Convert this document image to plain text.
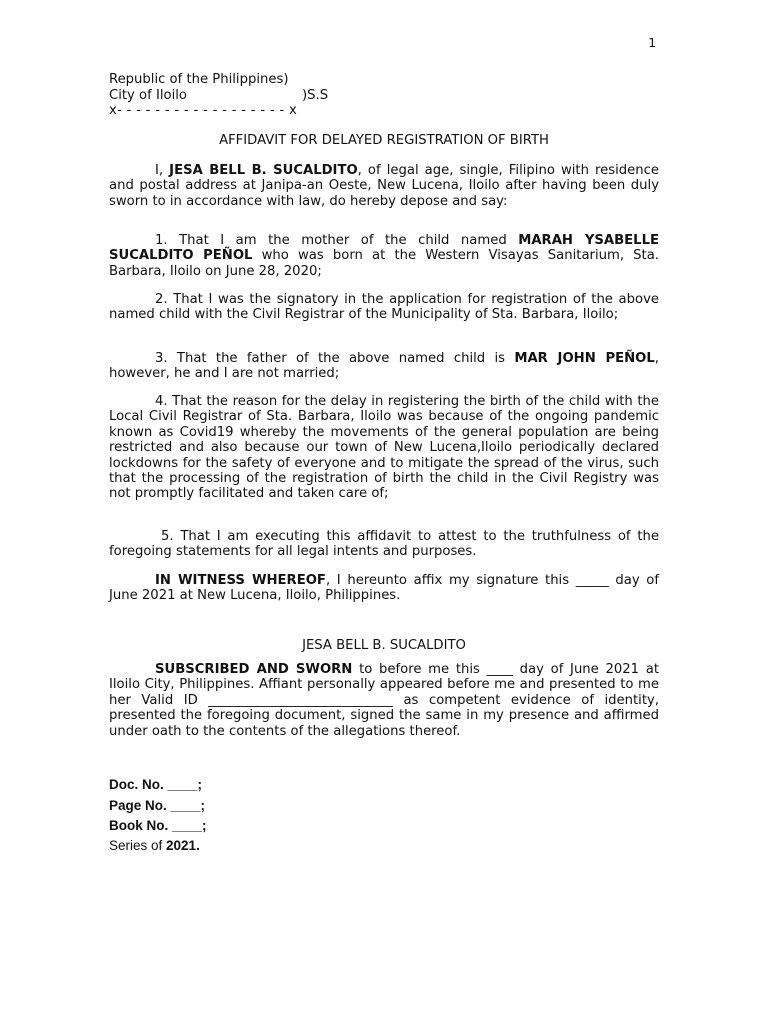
1
Republic of the Philippines)
City of Iloilo	)S.S
x- - - - - - - - - - - - - - - - - - x
AFFIDAVIT FOR DELAYED REGISTRATION OF BIRTH
I, JESA BELL B. SUCALDITO, of legal age, single, Filipino with residence and postal address at Janipa-an Oeste, New Lucena, Iloilo after having been duly sworn to in accordance with law, do hereby depose and say:
1. That I am the mother of the child named MARAH YSABELLE SUCALDITO PEÑOL who was born at the Western Visayas Sanitarium, Sta. Barbara, Iloilo on June 28, 2020;
2. That I was the signatory in the application for registration of the above named child with the Civil Registrar of the Municipality of Sta. Barbara, Iloilo;
3. That the father of the above named child is MAR JOHN PEÑOL, however, he and I are not married;
4. That the reason for the delay in registering the birth of the child with the Local Civil Registrar of Sta. Barbara, Iloilo was because of the ongoing pandemic known as Covid19 whereby the movements of the general population are being restricted and also because our town of New Lucena,Iloilo periodically declared lockdowns for the safety of everyone and to mitigate the spread of the virus, such that the processing of the registration of birth the child in the Civil Registry was not promptly facilitated and taken care of;
5. That I am executing this affidavit to attest to the truthfulness of the foregoing statements for all legal intents and purposes.
IN WITNESS WHEREOF, I hereunto affix my signature this _____ day of June 2021 at New Lucena, Iloilo, Philippines.
JESA BELL B. SUCALDITO
SUBSCRIBED AND SWORN to before me this ____ day of June 2021 at Iloilo City, Philippines. Affiant personally appeared before me and presented to me her Valid ID ____________________________ as competent evidence of identity, presented the foregoing document, signed the same in my presence and affirmed under oath to the contents of the allegations thereof.
Doc. No. ____;
Page No. ____;
Book No. ____;
Series of 2021.
